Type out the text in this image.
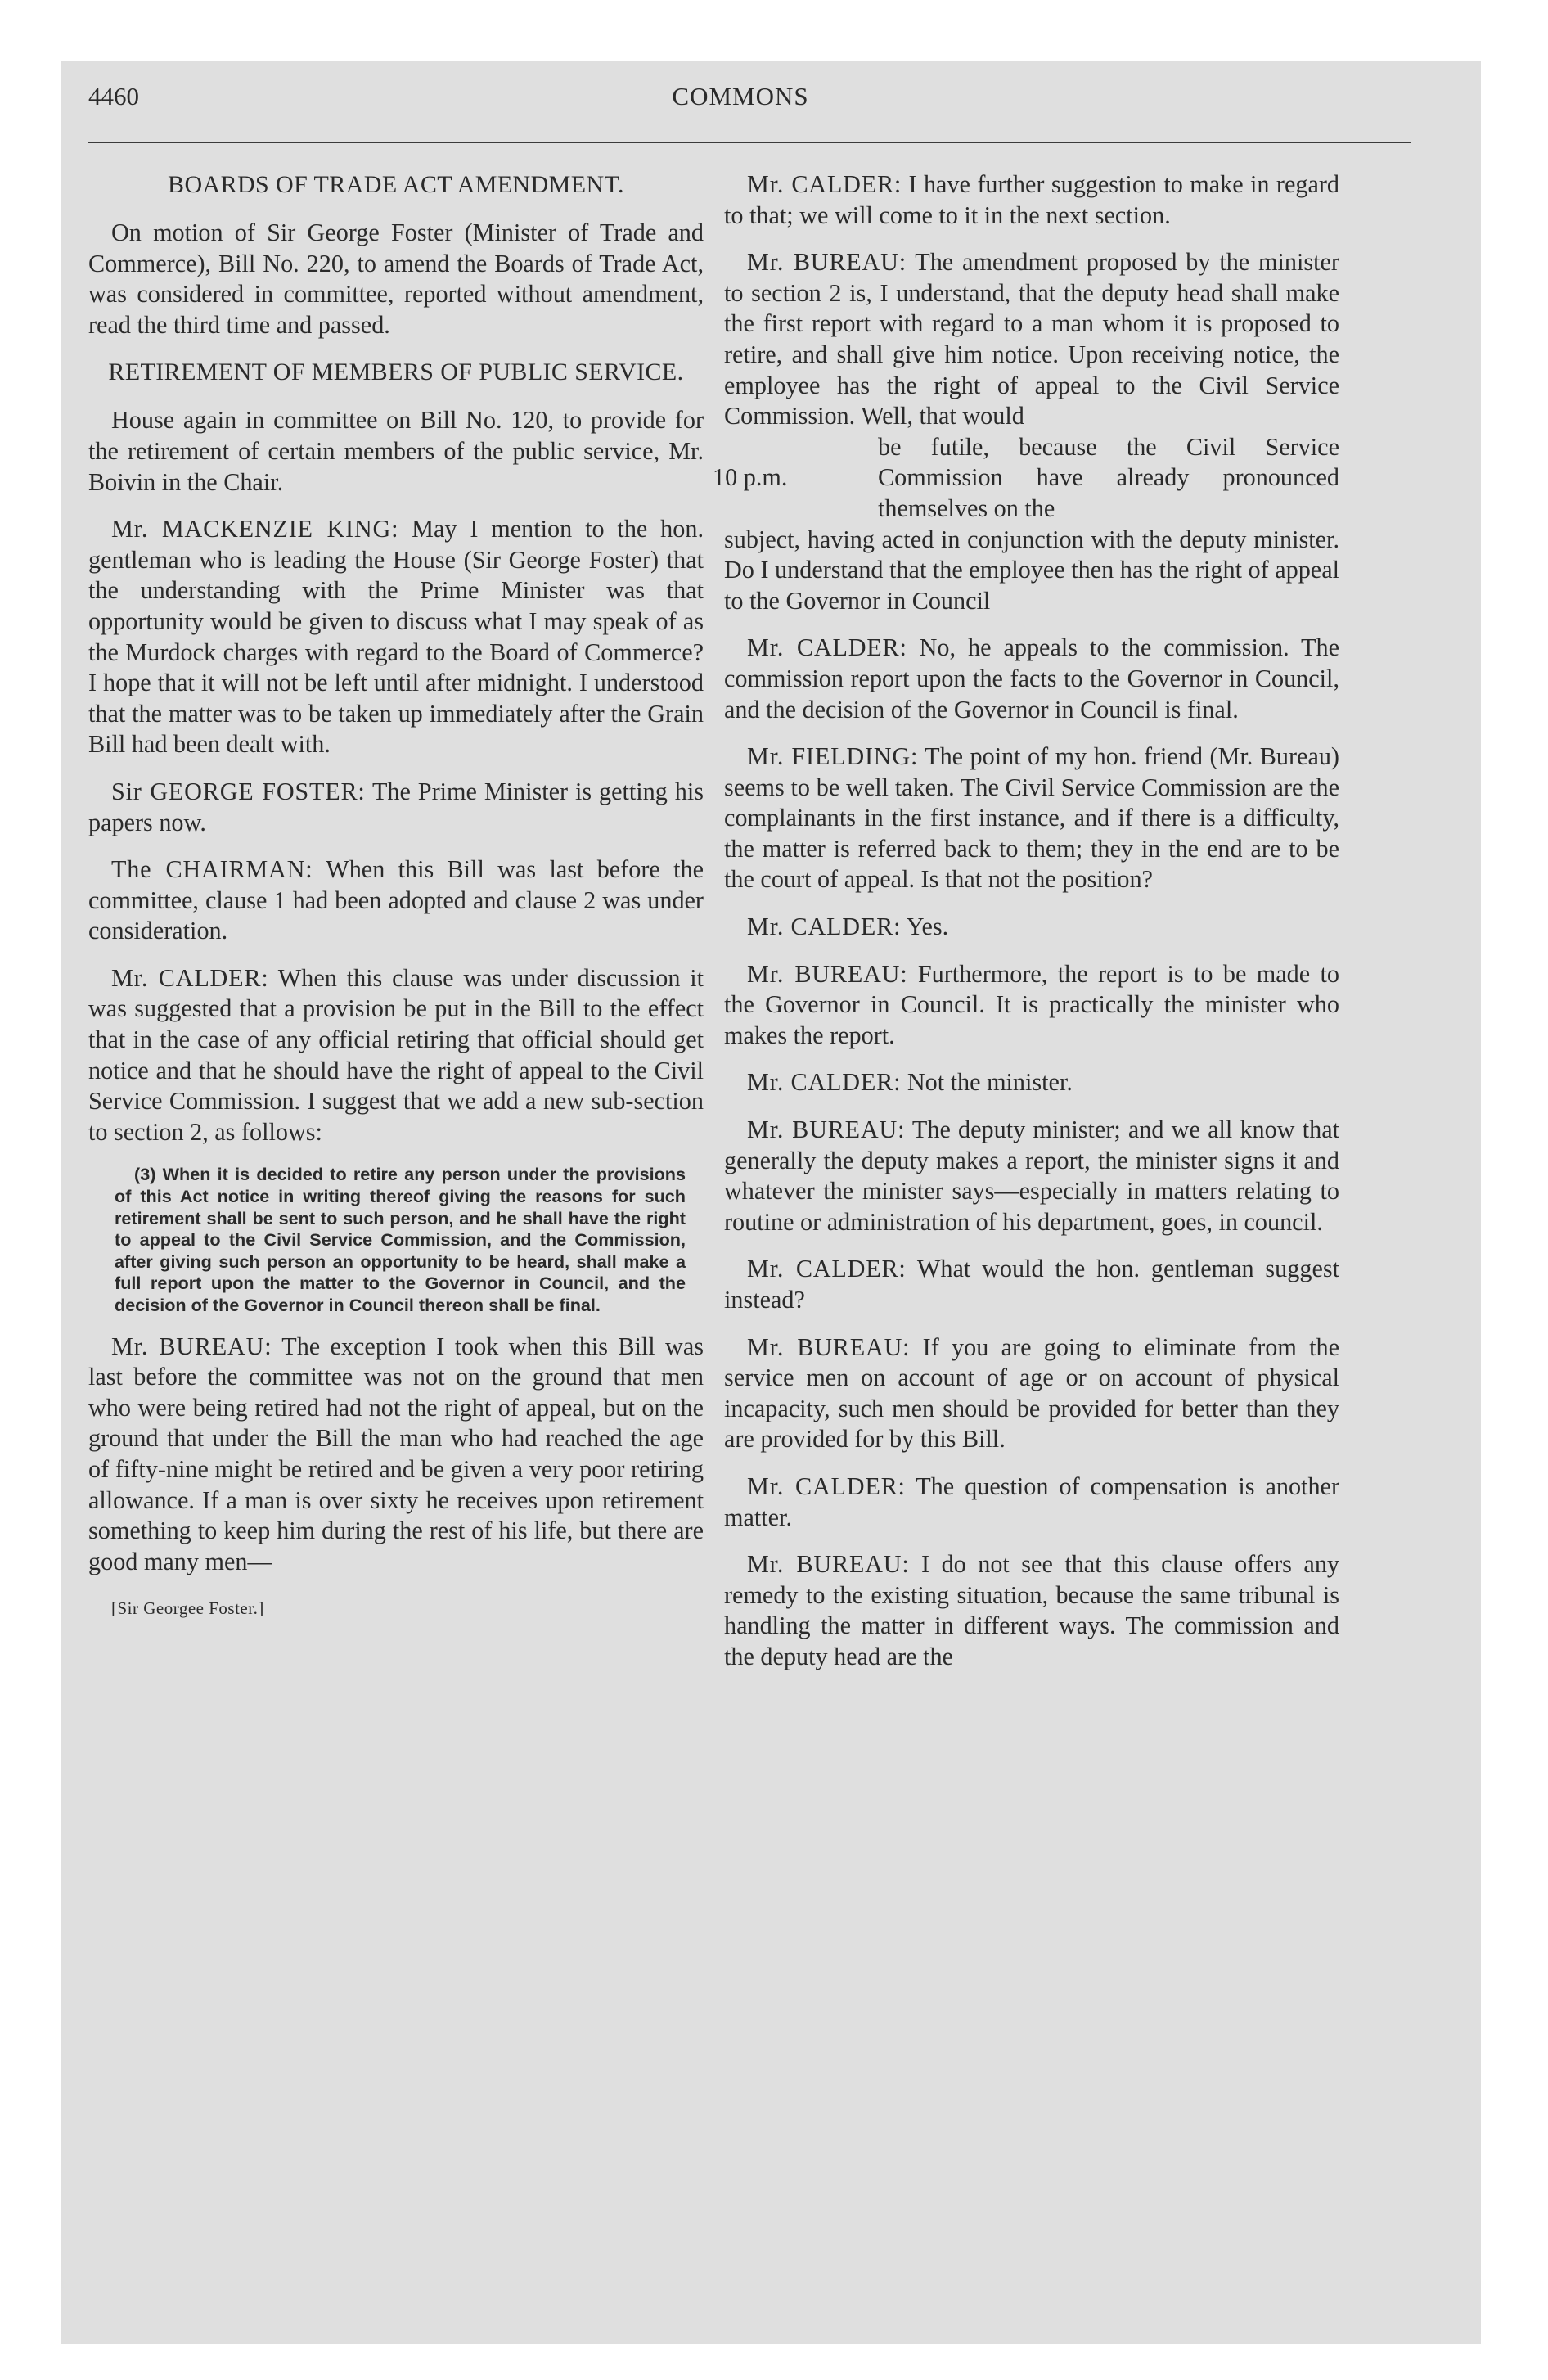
4460	COMMONS
BOARDS OF TRADE ACT AMENDMENT.

On motion of Sir George Foster (Minister of Trade and Commerce), Bill No. 220, to amend the Boards of Trade Act, was considered in committee, reported without amendment, read the third time and passed.

RETIREMENT OF MEMBERS OF PUBLIC SERVICE.

House again in committee on Bill No. 120, to provide for the retirement of certain members of the public service, Mr. Boivin in the Chair.

Mr. MACKENZIE KING: May I mention to the hon. gentleman who is leading the House (Sir George Foster) that the understanding with the Prime Minister was that opportunity would be given to discuss what I may speak of as the Murdock charges with regard to the Board of Commerce? I hope that it will not be left until after midnight. I understood that the matter was to be taken up immediately after the Grain Bill had been dealt with.

Sir GEORGE FOSTER: The Prime Minister is getting his papers now.

The CHAIRMAN: When this Bill was last before the committee, clause 1 had been adopted and clause 2 was under consideration.

Mr. CALDER: When this clause was under discussion it was suggested that a provision be put in the Bill to the effect that in the case of any official retiring that official should get notice and that he should have the right of appeal to the Civil Service Commission. I suggest that we add a new sub-section to section 2, as follows:

(3) When it is decided to retire any person under the provisions of this Act notice in writing thereof giving the reasons for such retirement shall be sent to such person, and he shall have the right to appeal to the Civil Service Commission, and the Commission, after giving such person an opportunity to be heard, shall make a full report upon the matter to the Governor in Council, and the decision of the Governor in Council thereon shall be final.

Mr. BUREAU: The exception I took when this Bill was last before the committee was not on the ground that men who were being retired had not the right of appeal, but on the ground that under the Bill the man who had reached the age of fifty-nine might be retired and be given a very poor retiring allowance. If a man is over sixty he receives upon retirement something to keep him during the rest of his life, but there are good many men—

[Sir Georgee Foster.]

Mr. CALDER: I have further suggestion to make in regard to that; we will come to it in the next section.

Mr. BUREAU: The amendment proposed by the minister to section 2 is, I understand, that the deputy head shall make the first report with regard to a man whom it is proposed to retire, and shall give him notice. Upon receiving notice, the employee has the right of appeal to the Civil Service Commission. Well, that would
10 p.m.
be futile, because the Civil Service Commission have already pronounced themselves on the
subject, having acted in conjunction with the deputy minister. Do I understand that the employee then has the right of appeal to the Governor in Council

Mr. CALDER: No, he appeals to the commission. The commission report upon the facts to the Governor in Council, and the decision of the Governor in Council is final.

Mr. FIELDING: The point of my hon. friend (Mr. Bureau) seems to be well taken. The Civil Service Commission are the complainants in the first instance, and if there is a difficulty, the matter is referred back to them; they in the end are to be the court of appeal. Is that not the position?

Mr. CALDER: Yes.

Mr. BUREAU: Furthermore, the report is to be made to the Governor in Council. It is practically the minister who makes the report.

Mr. CALDER: Not the minister.

Mr. BUREAU: The deputy minister; and we all know that generally the deputy makes a report, the minister signs it and whatever the minister says—especially in matters relating to routine or administration of his department, goes, in council.

Mr. CALDER: What would the hon. gentleman suggest instead?

Mr. BUREAU: If you are going to eliminate from the service men on account of age or on account of physical incapacity, such men should be provided for better than they are provided for by this Bill.

Mr. CALDER: The question of compensation is another matter.

Mr. BUREAU: I do not see that this clause offers any remedy to the existing situation, because the same tribunal is handling the matter in different ways. The commission and the deputy head are the
